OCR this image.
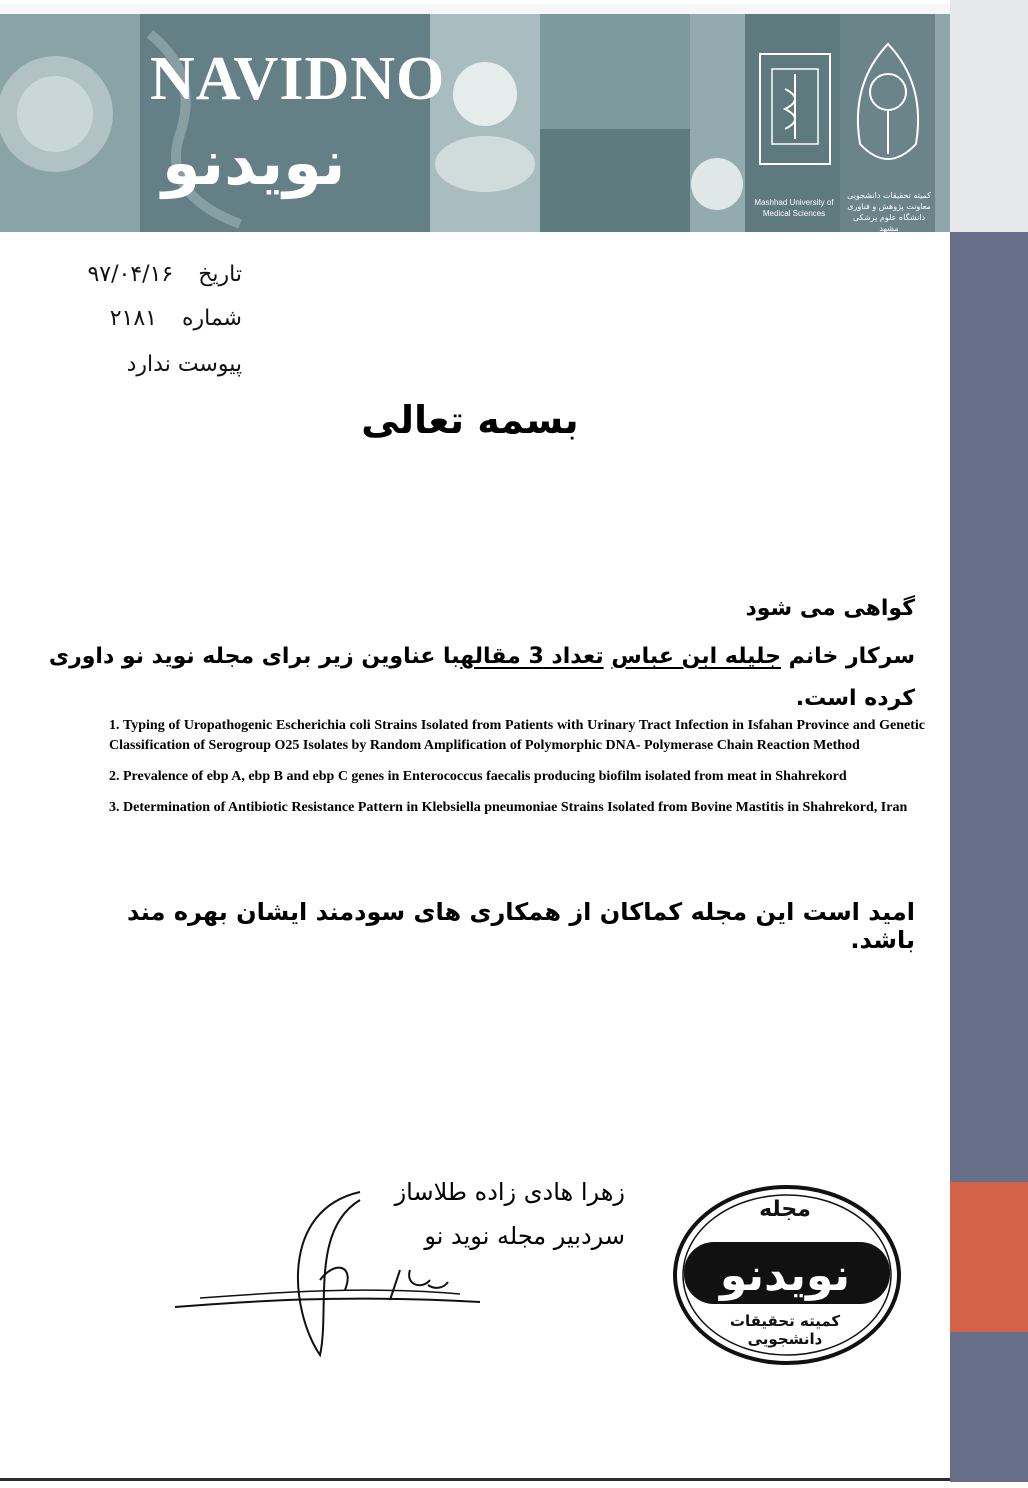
NAVIDNO
نویدنو
Mashhad University of Medical Sciences
کمیته تحقیقات دانشجویی معاونت پژوهش و فناوری دانشگاه علوم پزشکی مشهد
تاریخ ۹۷/۰۴/۱۶
شماره ۲۱۸۱
پیوست ندارد
بسمه تعالی
گواهی می شود
سرکار خانم جلیله ابن عباس تعداد 3 مقالهبا عناوین زیر برای مجله نوید نو داوری کرده است.

1. Typing of Uropathogenic Escherichia coli Strains Isolated from Patients with Urinary Tract Infection in Isfahan Province and Genetic Classification of Serogroup O25 Isolates by Random Amplification of Polymorphic DNA- Polymerase Chain Reaction Method

2. Prevalence of ebp A, ebp B and ebp C genes in Enterococcus faecalis producing biofilm isolated from meat in Shahrekord

3. Determination of Antibiotic Resistance Pattern in Klebsiella pneumoniae Strains Isolated from Bovine Mastitis in Shahrekord, Iran

امید است این مجله کماکان از همکاری های سودمند ایشان بهره مند باشد.
زهرا هادی زاده طلاساز
سردبیر مجله نوید نو
مجله
نویدنو
کمیته تحقیقات دانشجویی
